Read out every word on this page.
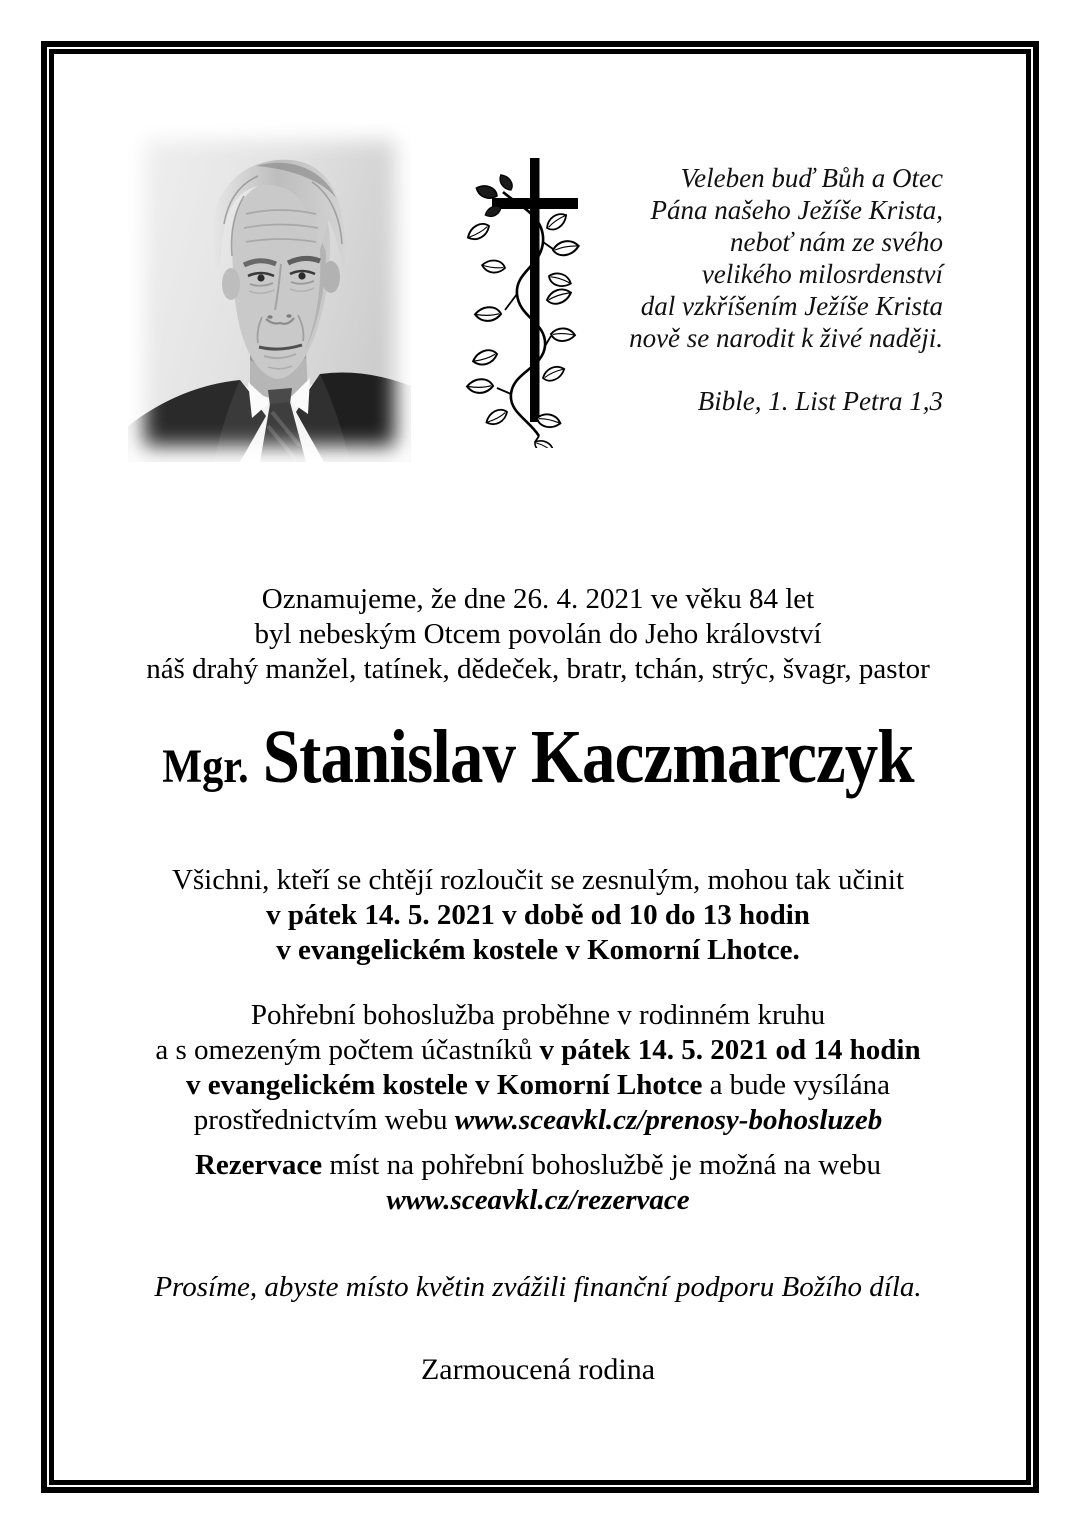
Veleben buď Bůh a Otec
Pána našeho Ježíše Krista,
neboť nám ze svého
velikého milosrdenství
dal vzkříšením Ježíše Krista
nově se narodit k živé naději.
Bible, 1. List Petra 1,3
Oznamujeme, že dne 26. 4. 2021 ve věku 84 let
byl nebeským Otcem povolán do Jeho království
náš drahý manžel, tatínek, dědeček, bratr, tchán, strýc, švagr, pastor
Mgr. Stanislav Kaczmarczyk
Všichni, kteří se chtějí rozloučit se zesnulým, mohou tak učinit
v pátek 14. 5. 2021 v době od 10 do 13 hodin
v evangelickém kostele v Komorní Lhotce.
Pohřební bohoslužba proběhne v rodinném kruhu
a s omezeným počtem účastníků v pátek 14. 5. 2021 od 14 hodin
v evangelickém kostele v Komorní Lhotce a bude vysílána
prostřednictvím webu www.sceavkl.cz/prenosy-bohosluzeb
Rezervace míst na pohřební bohoslužbě je možná na webu
www.sceavkl.cz/rezervace
Prosíme, abyste místo květin zvážili finanční podporu Božího díla.
Zarmoucená rodina
